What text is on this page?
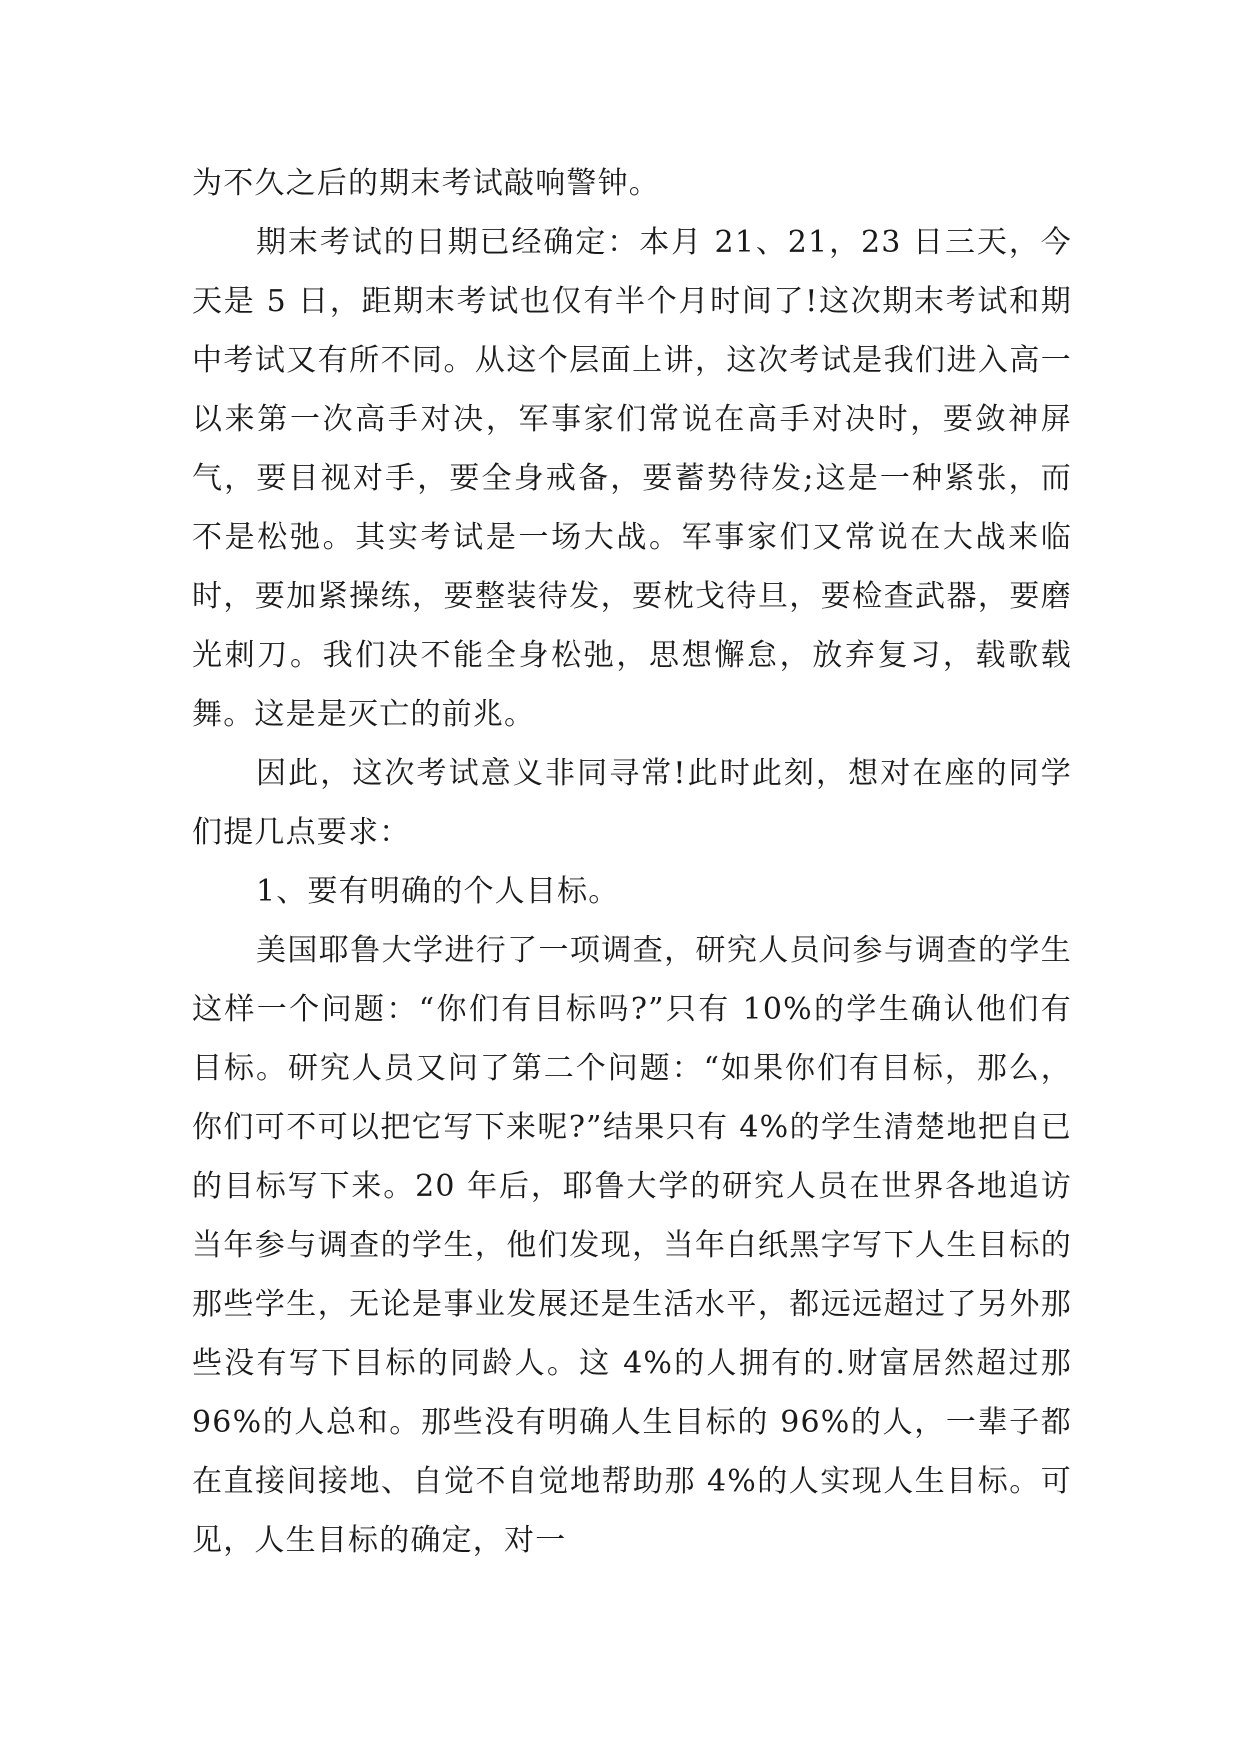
为不久之后的期末考试敲响警钟。

期末考试的日期已经确定：本月 21、21，23 日三天，今天是 5 日，距期末考试也仅有半个月时间了!这次期末考试和期中考试又有所不同。从这个层面上讲，这次考试是我们进入高一以来第一次高手对决，军事家们常说在高手对决时，要敛神屏气，要目视对手，要全身戒备，要蓄势待发;这是一种紧张，而不是松弛。其实考试是一场大战。军事家们又常说在大战来临时，要加紧操练，要整装待发，要枕戈待旦，要检查武器，要磨光刺刀。我们决不能全身松弛，思想懈怠，放弃复习，载歌载舞。这是是灭亡的前兆。

因此，这次考试意义非同寻常!此时此刻，想对在座的同学们提几点要求：

1、要有明确的个人目标。

美国耶鲁大学进行了一项调查，研究人员问参与调查的学生这样一个问题：“你们有目标吗?”只有 10%的学生确认他们有目标。研究人员又问了第二个问题：“如果你们有目标，那么，你们可不可以把它写下来呢?”结果只有 4%的学生清楚地把自已的目标写下来。20 年后，耶鲁大学的研究人员在世界各地追访当年参与调查的学生，他们发现，当年白纸黑字写下人生目标的那些学生，无论是事业发展还是生活水平，都远远超过了另外那些没有写下目标的同龄人。这 4%的人拥有的.财富居然超过那 96%的人总和。那些没有明确人生目标的 96%的人，一辈子都在直接间接地、自觉不自觉地帮助那 4%的人实现人生目标。可见，人生目标的确定，对一
